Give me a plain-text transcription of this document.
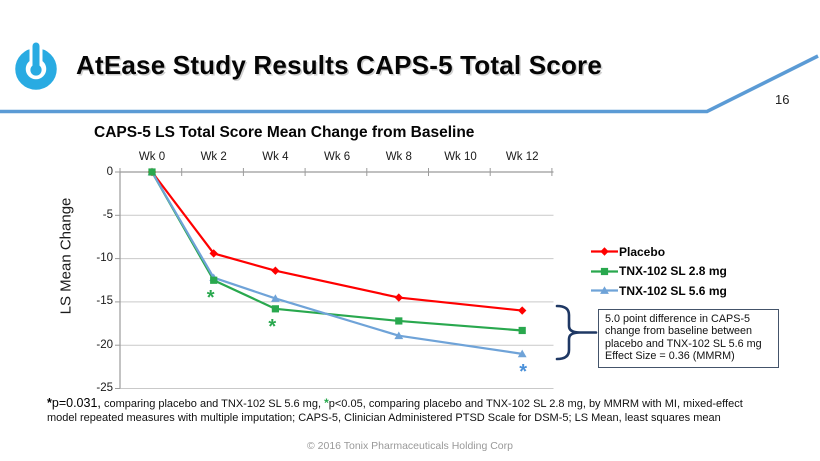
AtEase Study Results CAPS-5 Total Score
16
CAPS-5 LS Total Score Mean Change from Baseline
LS Mean Change
Wk 0	Wk 2	Wk 4	Wk 6	Wk 8	Wk 10	Wk 12
0
-5
-10
-15
-20
-25
*
*
*
Placebo
TNX-102 SL 2.8 mg
TNX-102 SL 5.6 mg
5.0 point difference in CAPS-5
change from baseline between
placebo and TNX-102 SL 5.6 mg
Effect Size = 0.36 (MMRM)
*p=0.031, comparing placebo and TNX-102 SL 5.6 mg, *p<0.05, comparing placebo and TNX-102 SL 2.8 mg, by MMRM with MI, mixed-effect
model repeated measures with multiple imputation; CAPS-5, Clinician Administered PTSD Scale for DSM-5; LS Mean, least squares mean
© 2016 Tonix Pharmaceuticals Holding Corp
